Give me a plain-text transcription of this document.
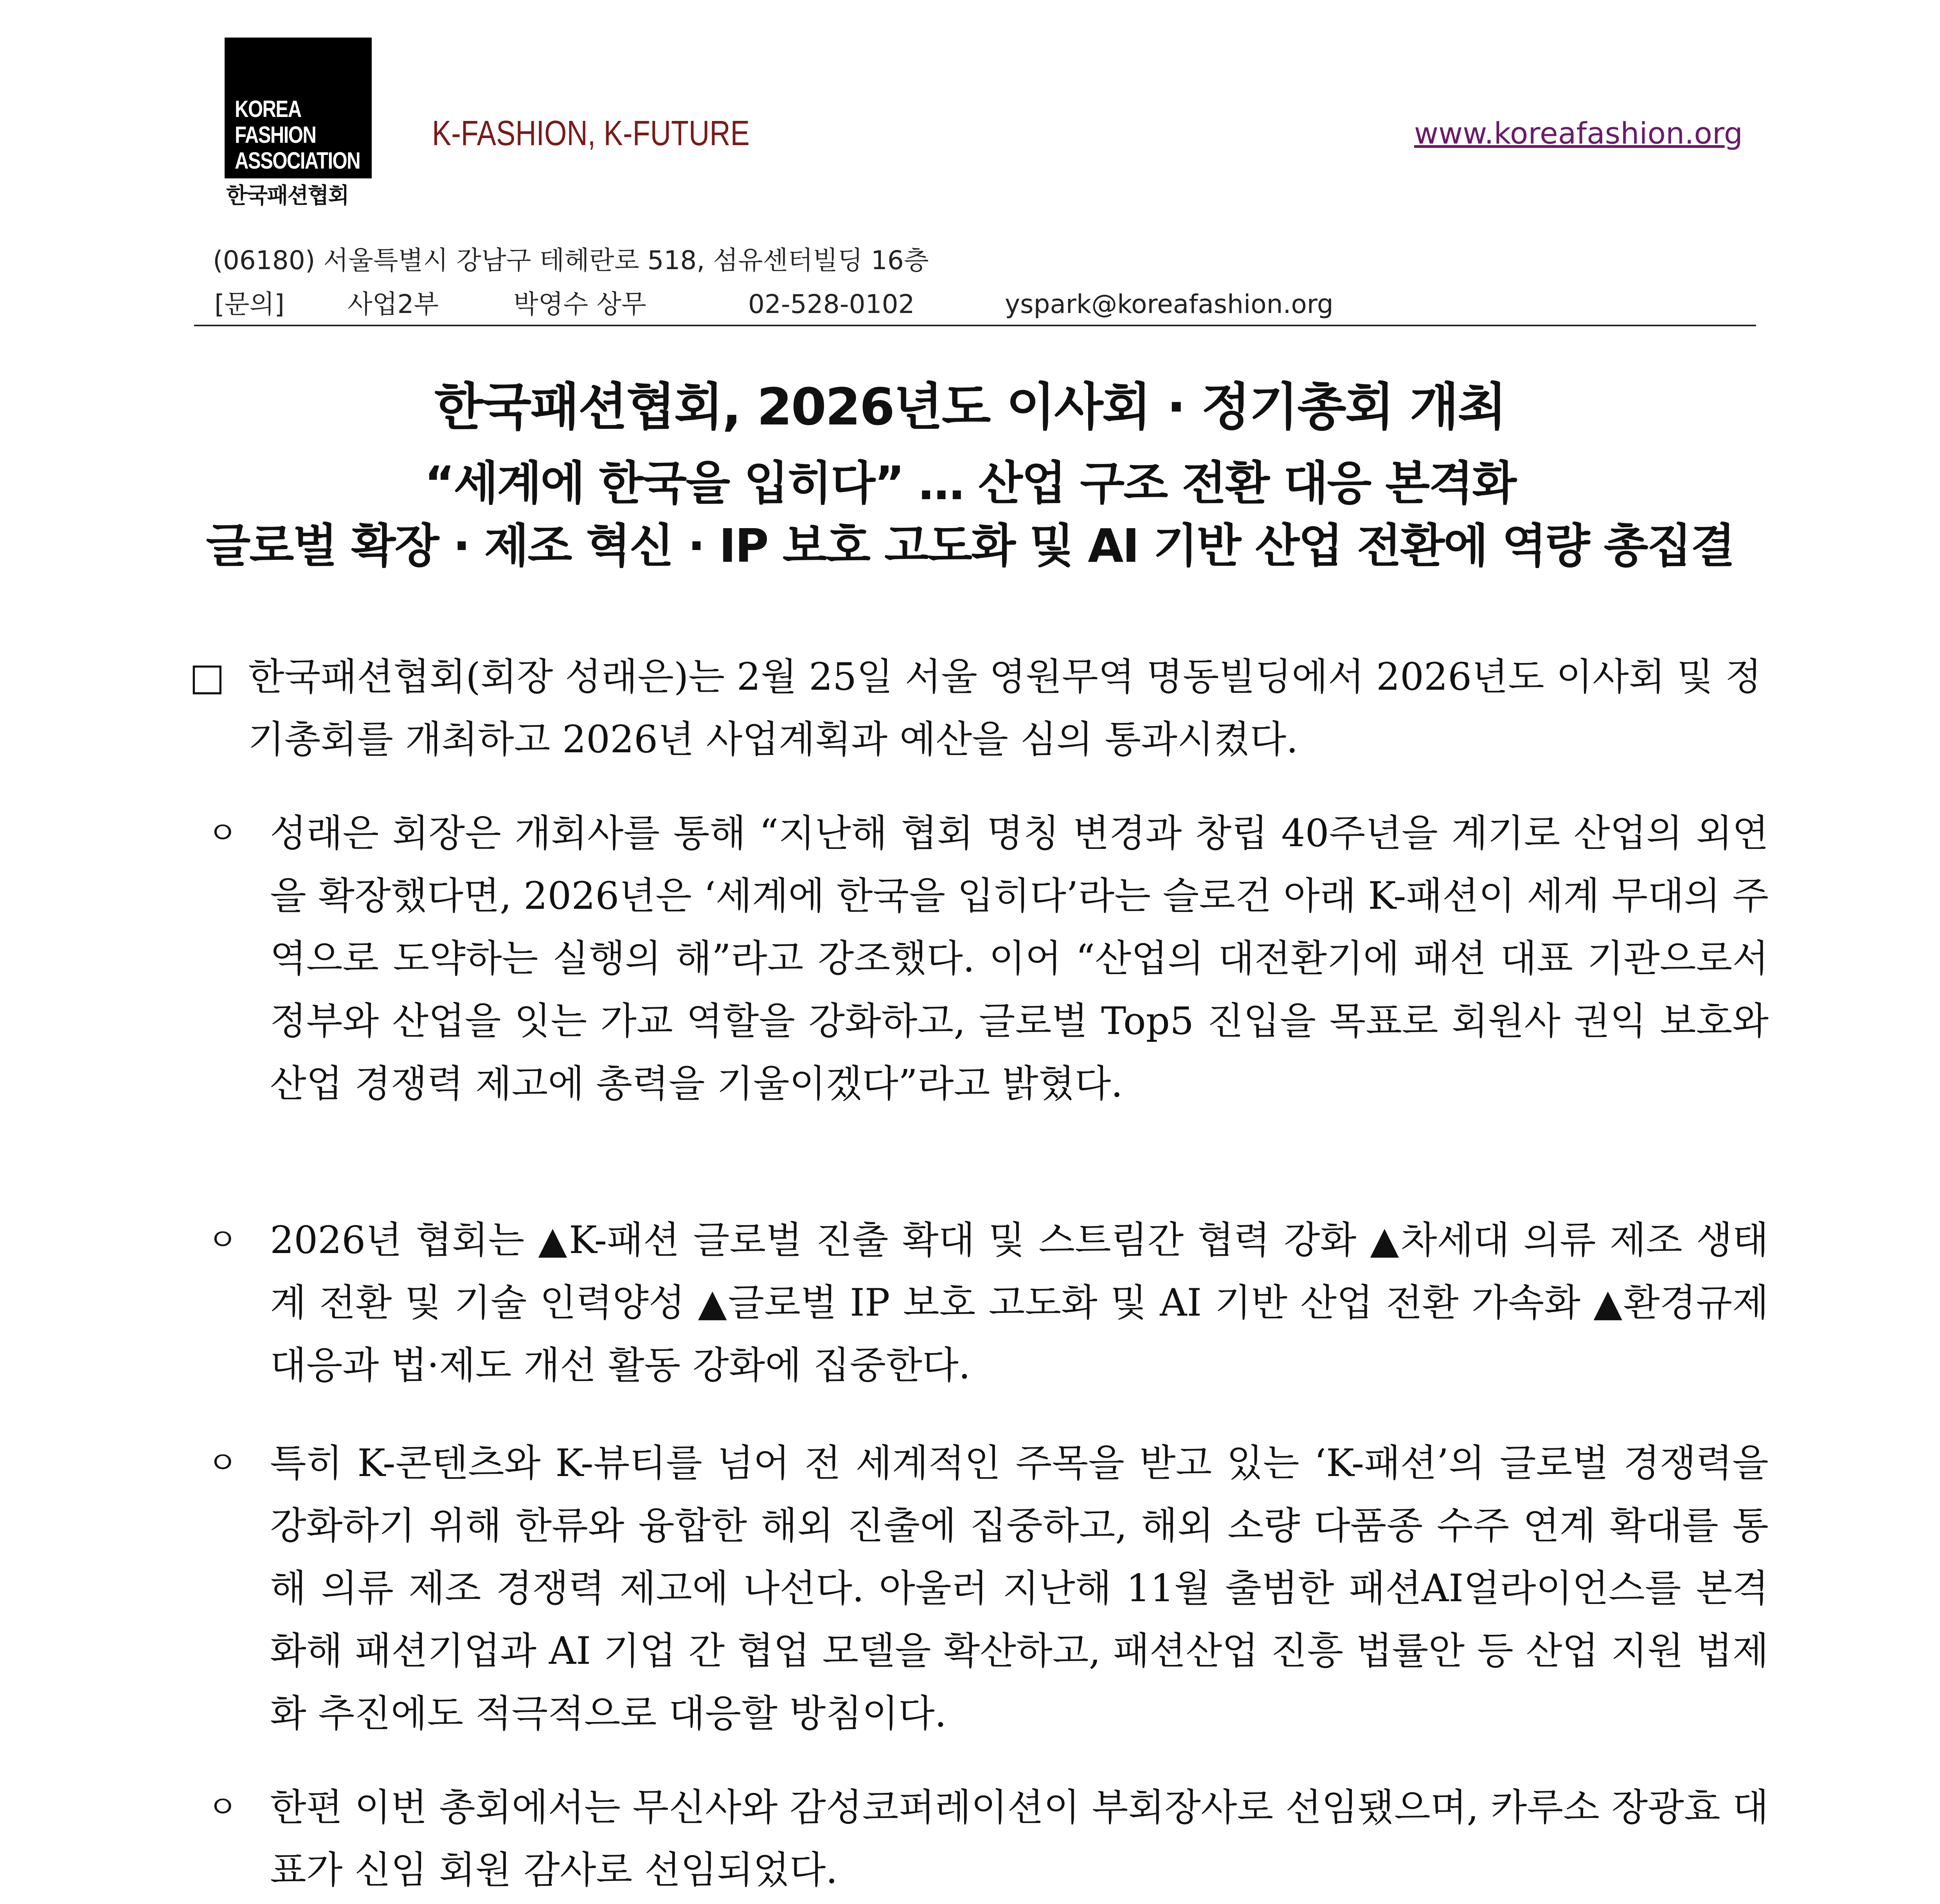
KOREA
FASHION
ASSOCIATION
한국패션협회
K-FASHION, K-FUTURE	www.koreafashion.org
(06180) 서울특별시 강남구 테헤란로 518, 섬유센터빌딩 16층
[문의] 사업2부	박영수 상무	02-528-0102	yspark@koreafashion.org
한국패션협회, 2026년도 이사회 · 정기총회 개최
“세계에 한국을 입히다” … 산업 구조 전환 대응 본격화
글로벌 확장 · 제조 혁신 · IP 보호 고도화 및 AI 기반 산업 전환에 역량 총집결
□ 한국패션협회(회장 성래은)는 2월 25일 서울 영원무역 명동빌딩에서 2026년도 이사회 및 정기총회를 개최하고 2026년 사업계획과 예산을 심의 통과시켰다.
ㅇ 성래은 회장은 개회사를 통해 “지난해 협회 명칭 변경과 창립 40주년을 계기로 산업의 외연을 확장했다면, 2026년은 ‘세계에 한국을 입히다’라는 슬로건 아래 K-패션이 세계 무대의 주역으로 도약하는 실행의 해”라고 강조했다. 이어 “산업의 대전환기에 패션 대표 기관으로서 정부와 산업을 잇는 가교 역할을 강화하고, 글로벌 Top5 진입을 목표로 회원사 권익 보호와 산업 경쟁력 제고에 총력을 기울이겠다”라고 밝혔다.
ㅇ 2026년 협회는 ▲K-패션 글로벌 진출 확대 및 스트림간 협력 강화 ▲차세대 의류 제조 생태계 전환 및 기술 인력양성 ▲글로벌 IP 보호 고도화 및 AI 기반 산업 전환 가속화 ▲환경규제 대응과 법·제도 개선 활동 강화에 집중한다.
ㅇ 특히 K-콘텐츠와 K-뷰티를 넘어 전 세계적인 주목을 받고 있는 ‘K-패션’의 글로벌 경쟁력을 강화하기 위해 한류와 융합한 해외 진출에 집중하고, 해외 소량 다품종 수주 연계 확대를 통해 의류 제조 경쟁력 제고에 나선다. 아울러 지난해 11월 출범한 패션AI얼라이언스를 본격화해 패션기업과 AI 기업 간 협업 모델을 확산하고, 패션산업 진흥 법률안 등 산업 지원 법제화 추진에도 적극적으로 대응할 방침이다.
ㅇ 한편 이번 총회에서는 무신사와 감성코퍼레이션이 부회장사로 선임됐으며, 카루소 장광효 대표가 신임 회원 감사로 선임되었다.
